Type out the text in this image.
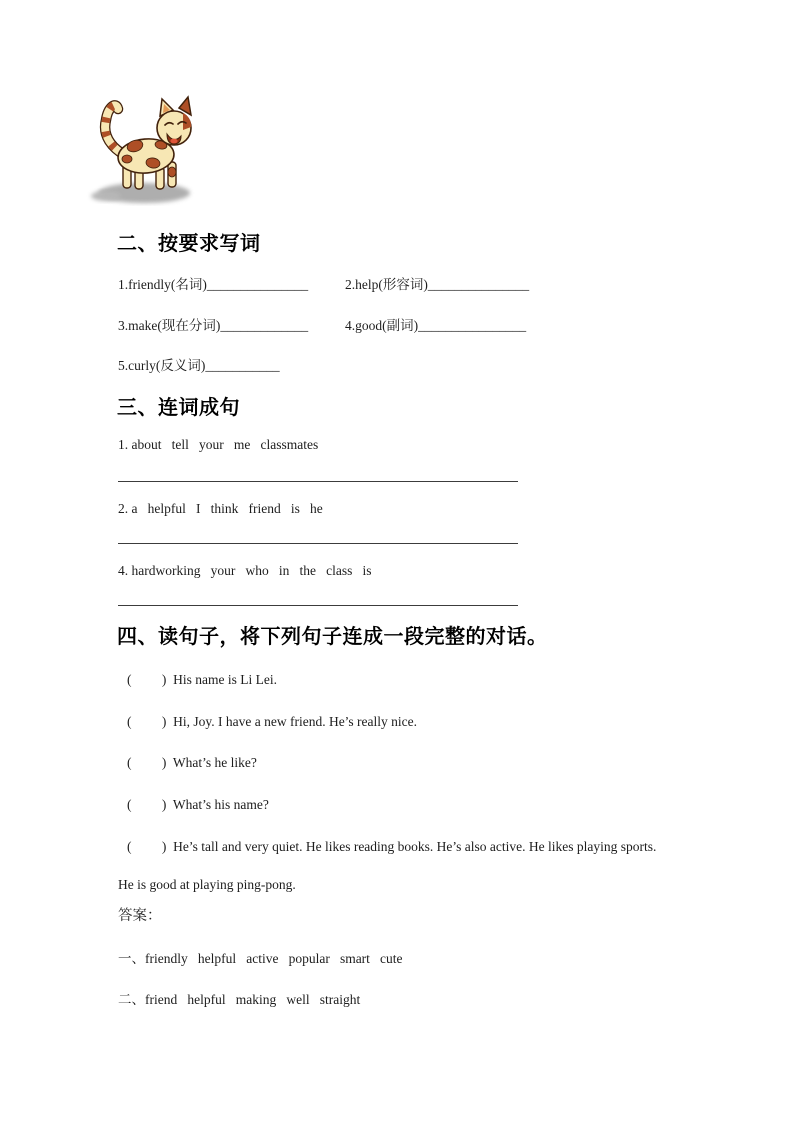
二、按要求写词
1.friendly(名词)_______________	2.help(形容词)_______________
3.make(现在分词)_____________	4.good(副词)________________
5.curly(反义词)___________
三、连词成句
1. about   tell   your   me   classmates
2. a   helpful   I   think   friend   is   he
4. hardworking   your   who   in   the   class   is
四、读句子，将下列句子连成一段完整的对话。
(         )  His name is Li Lei.
(         )  Hi, Joy. I have a new friend. He’s really nice.
(         )  What’s he like?
(         )  What’s his name?
(         )  He’s tall and very quiet. He likes reading books. He’s also active. He likes playing sports.
He is good at playing ping-pong.
答案：
一、friendly   helpful   active   popular   smart   cute
二、friend   helpful   making   well   straight
